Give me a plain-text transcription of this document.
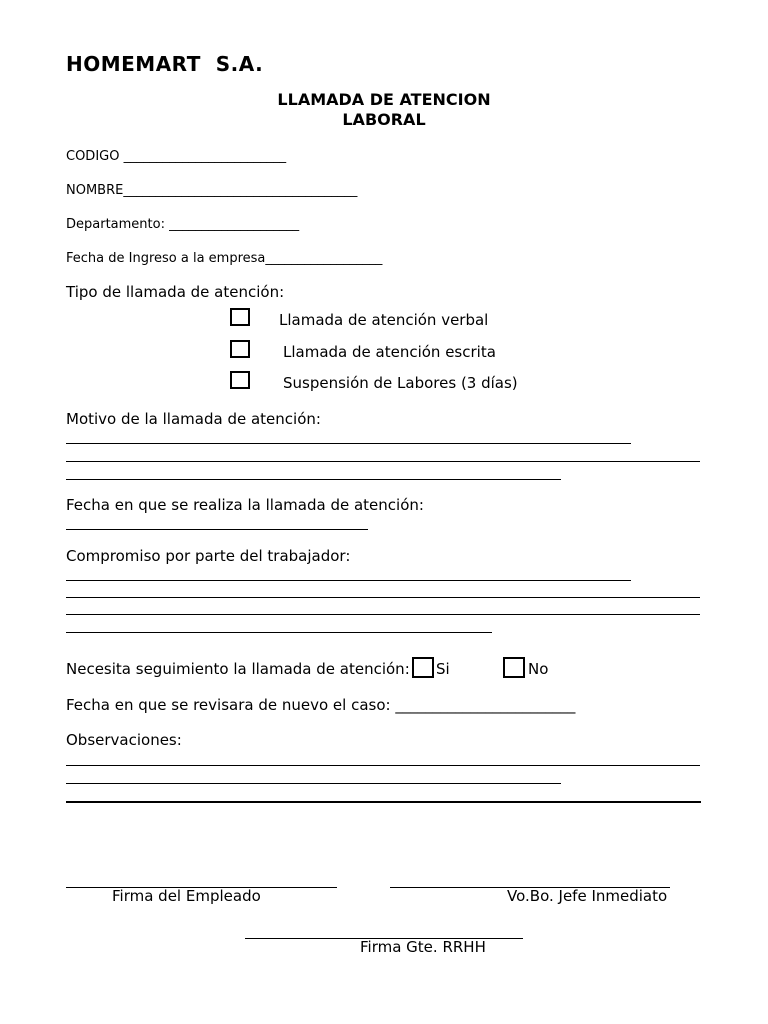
HOMEMART  S.A.
LLAMADA DE ATENCION
LABORAL
CODIGO _________________________
NOMBRE____________________________________
Departamento: ____________________
Fecha de Ingreso a la empresa__________________
Tipo de llamada de atención:
Llamada de atención verbal
Llamada de atención escrita
Suspensión de Labores (3 días)
Motivo de la llamada de atención:
Fecha en que se realiza la llamada de atención:
Compromiso por parte del trabajador:
Necesita seguimiento la llamada de atención: Si	No
Fecha en que se revisara de nuevo el caso: ________________________
Observaciones:
Firma del Empleado	Vo.Bo. Jefe Inmediato
Firma Gte. RRHH
